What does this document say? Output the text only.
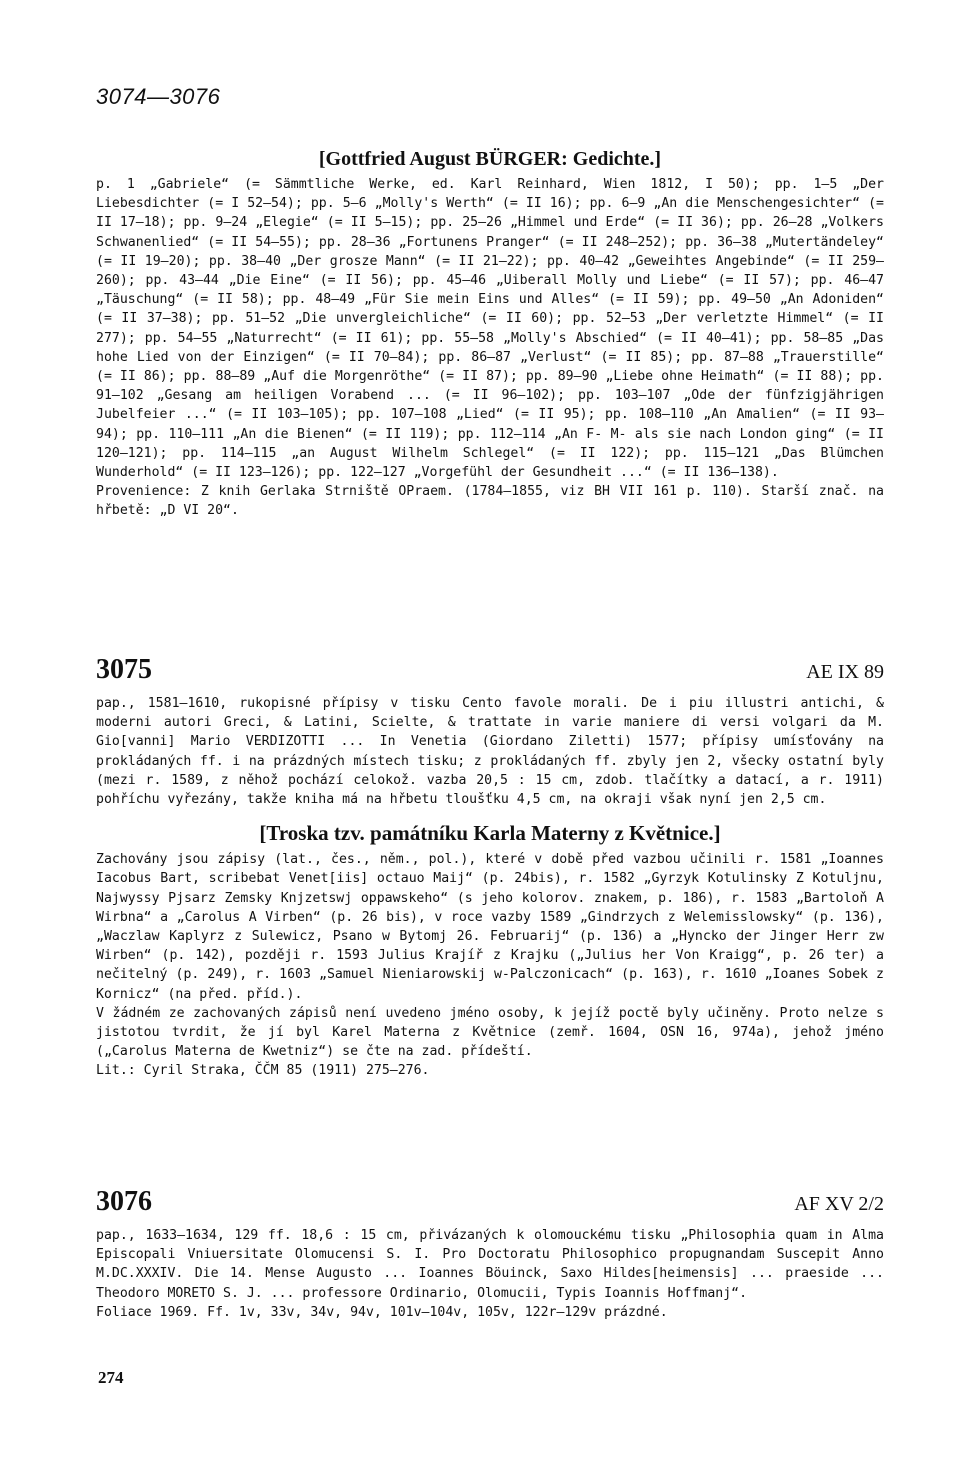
3074—3076
[Gottfried August BÜRGER: Gedichte.]

p. 1 „Gabriele“ (= Sämmtliche Werke, ed. Karl Reinhard, Wien 1812, I 50); pp. 1—5 „Der Liebesdichter (= I 52—54); pp. 5—6 „Molly's Werth“ (= II 16); pp. 6—9 „An die Menschengesichter“ (= II 17—18); pp. 9—24 „Elegie“ (= II 5—15); pp. 25—26 „Himmel und Erde“ (= II 36); pp. 26—28 „Volkers Schwanenlied“ (= II 54—55); pp. 28—36 „Fortunens Pranger“ (= II 248—252); pp. 36—38 „Mutertändeley“ (= II 19—20); pp. 38—40 „Der grosze Mann“ (= II 21—22); pp. 40—42 „Geweihtes Angebinde“ (= II 259—260); pp. 43—44 „Die Eine“ (= II 56); pp. 45—46 „Uiberall Molly und Liebe“ (= II 57); pp. 46—47 „Täuschung“ (= II 58); pp. 48—49 „Für Sie mein Eins und Alles“ (= II 59); pp. 49—50 „An Adoniden“ (= II 37—38); pp. 51—52 „Die unvergleichliche“ (= II 60); pp. 52—53 „Der verletzte Himmel“ (= II 277); pp. 54—55 „Naturrecht“ (= II 61); pp. 55—58 „Molly's Abschied“ (= II 40—41); pp. 58—85 „Das hohe Lied von der Einzigen“ (= II 70—84); pp. 86—87 „Verlust“ (= II 85); pp. 87—88 „Trauerstille“ (= II 86); pp. 88—89 „Auf die Morgenröthe“ (= II 87); pp. 89—90 „Liebe ohne Heimath“ (= II 88); pp. 91—102 „Gesang am heiligen Vorabend ... (= II 96—102); pp. 103—107 „Ode der fünfzigjährigen Jubelfeier ...“ (= II 103—105); pp. 107—108 „Lied“ (= II 95); pp. 108—110 „An Amalien“ (= II 93—94); pp. 110—111 „An die Bienen“ (= II 119); pp. 112—114 „An F- M- als sie nach London ging“ (= II 120—121); pp. 114—115 „an August Wilhelm Schlegel“ (= II 122); pp. 115—121 „Das Blümchen Wunderhold“ (= II 123—126); pp. 122—127 „Vorgefühl der Gesundheit ...“ (= II 136—138).

Provenience: Z knih Gerlaka Strniště OPraem. (1784—1855, viz BH VII 161 p. 110). Starší znač. na hřbetě: „D VI 20“.

3075	AE IX 89

pap., 1581—1610, rukopisné přípisy v tisku Cento favole morali. De i piu illustri antichi, & moderni autori Greci, & Latini, Scielte, & trattate in varie maniere di versi volgari da M. Gio[vanni] Mario VERDIZOTTI ... In Venetia (Giordano Ziletti) 1577; přípisy umísťovány na prokládaných ff. i na prázdných místech tisku; z prokládaných ff. zbyly jen 2, všecky ostatní byly (mezi r. 1589, z něhož pochází celokož. vazba 20,5 : 15 cm, zdob. tlačítky a datací, a r. 1911) pohříchu vyřezány, takže kniha má na hřbetu tloušťku 4,5 cm, na okraji však nyní jen 2,5 cm.

[Troska tzv. památníku Karla Materny z Květnice.]

Zachovány jsou zápisy (lat., čes., něm., pol.), které v době před vazbou učinili r. 1581 „Ioannes Iacobus Bart, scribebat Venet[iis] octauo Maij“ (p. 24bis), r. 1582 „Gyrzyk Kotulinsky Z Kotuljnu, Najwyssy Pjsarz Zemsky Knjzetswj oppawskeho“ (s jeho kolorov. znakem, p. 186), r. 1583 „Bartoloň A Wirbna“ a „Carolus A Virben“ (p. 26 bis), v roce vazby 1589 „Gindrzych z Welemisslowsky“ (p. 136), „Waczlaw Kaplyrz z Sulewicz, Psano w Bytomj 26. Februarij“ (p. 136) a „Hyncko der Jinger Herr zw Wirben“ (p. 142), později r. 1593 Julius Krajíř z Krajku („Julius her Von Kraigg“, p. 26 ter) a nečitelný (p. 249), r. 1603 „Samuel Nieniarowskij w-Palczonicach“ (p. 163), r. 1610 „Ioanes Sobek z Kornicz“ (na před. příd.).

V žádném ze zachovaných zápisů není uvedeno jméno osoby, k jejíž poctě byly učiněny. Proto nelze s jistotou tvrdit, že jí byl Karel Materna z Květnice (zemř. 1604, OSN 16, 974a), jehož jméno („Carolus Materna de Kwetniz“) se čte na zad. přídeští.

Lit.: Cyril Straka, ČČM 85 (1911) 275—276.

3076	AF XV 2/2

pap., 1633—1634, 129 ff. 18,6 : 15 cm, přivázaných k olomouckému tisku „Philosophia quam in Alma Episcopali Vniuersitate Olomucensi S. I. Pro Doctoratu Philosophico propugnandam Suscepit Anno M.DC.XXXIV. Die 14. Mense Augusto ... Ioannes Böuinck, Saxo Hildes[heimensis] ... praeside ... Theodoro MORETO S. J. ... professore Ordinario, Olomucii, Typis Ioannis Hoffmanj“.

Foliace 1969. Ff. 1v, 33v, 34v, 94v, 101v—104v, 105v, 122r—129v prázdné.

274
